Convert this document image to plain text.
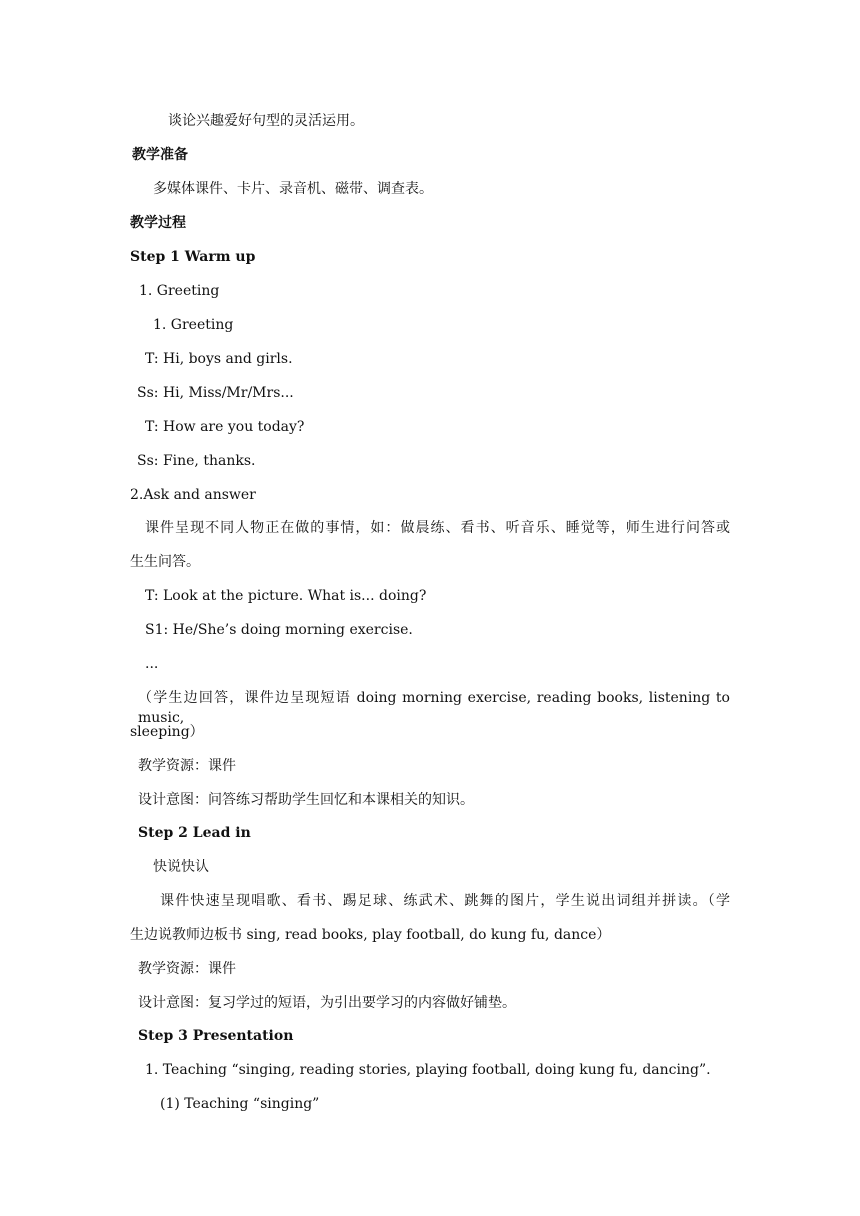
谈论兴趣爱好句型的灵活运用。
教学准备
多媒体课件、卡片、录音机、磁带、调查表。
教学过程
Step 1 Warm up
1. Greeting
1. Greeting
T: Hi, boys and girls.
Ss: Hi, Miss/Mr/Mrs...
T: How are you today?
Ss: Fine, thanks.
2.Ask and answer
课件呈现不同人物正在做的事情，如：做晨练、看书、听音乐、睡觉等，师生进行问答或
生生问答。
T: Look at the picture. What is... doing?
S1: He/She’s doing morning exercise.
...
（学生边回答，课件边呈现短语 doing morning exercise, reading books, listening to music,
sleeping）
教学资源：课件
设计意图：问答练习帮助学生回忆和本课相关的知识。
Step 2 Lead in
快说快认
课件快速呈现唱歌、看书、踢足球、练武术、跳舞的图片，学生说出词组并拼读。（学
生边说教师边板书 sing, read books, play football, do kung fu, dance）
教学资源：课件
设计意图：复习学过的短语，为引出要学习的内容做好铺垫。
Step 3 Presentation
1. Teaching “singing, reading stories, playing football, doing kung fu, dancing”.
(1) Teaching “singing”
